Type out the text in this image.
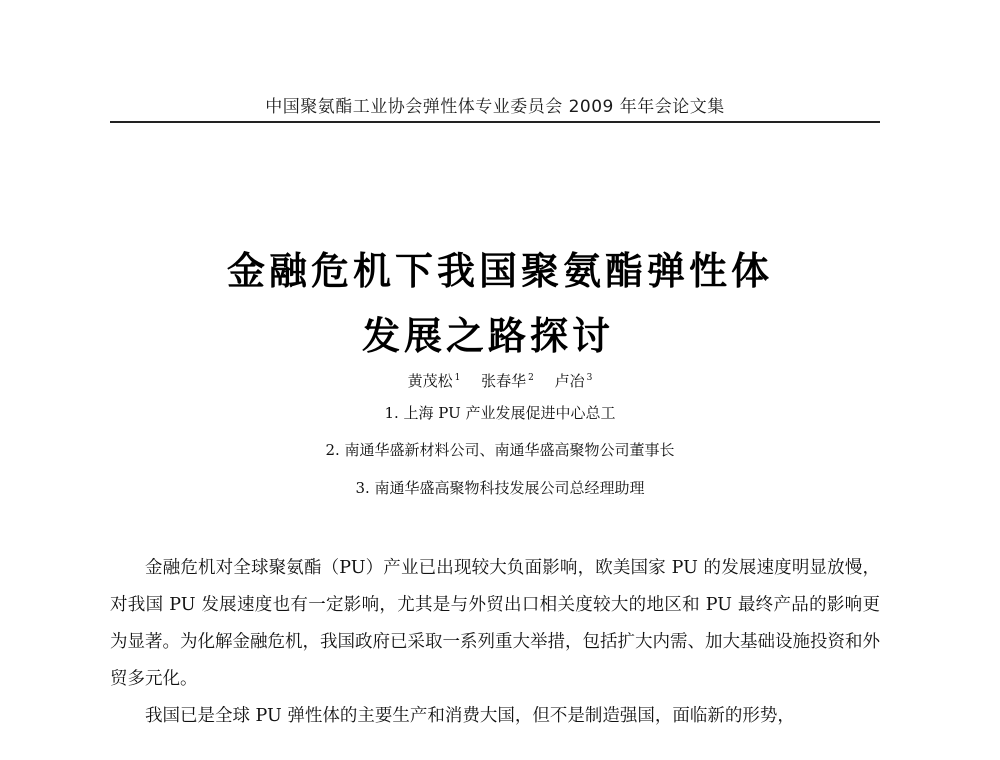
中国聚氨酯工业协会弹性体专业委员会 2009 年年会论文集
金融危机下我国聚氨酯弹性体
发展之路探讨
黄茂松 $^1$ 张春华 $^2$ 卢冶 $^3$
1. 上海 PU 产业发展促进中心总工
2. 南通华盛新材料公司、南通华盛高聚物公司董事长
3. 南通华盛高聚物科技发展公司总经理助理

金融危机对全球聚氨酯（PU）产业已出现较大负面影响，欧美国家 PU 的发展速度明显放慢，对我国 PU 发展速度也有一定影响，尤其是与外贸出口相关度较大的地区和 PU 最终产品的影响更为显著。为化解金融危机，我国政府已采取一系列重大举措，包括扩大内需、加大基础设施投资和外贸多元化。

我国已是全球 PU 弹性体的主要生产和消费大国，但不是制造强国，面临新的形势，
